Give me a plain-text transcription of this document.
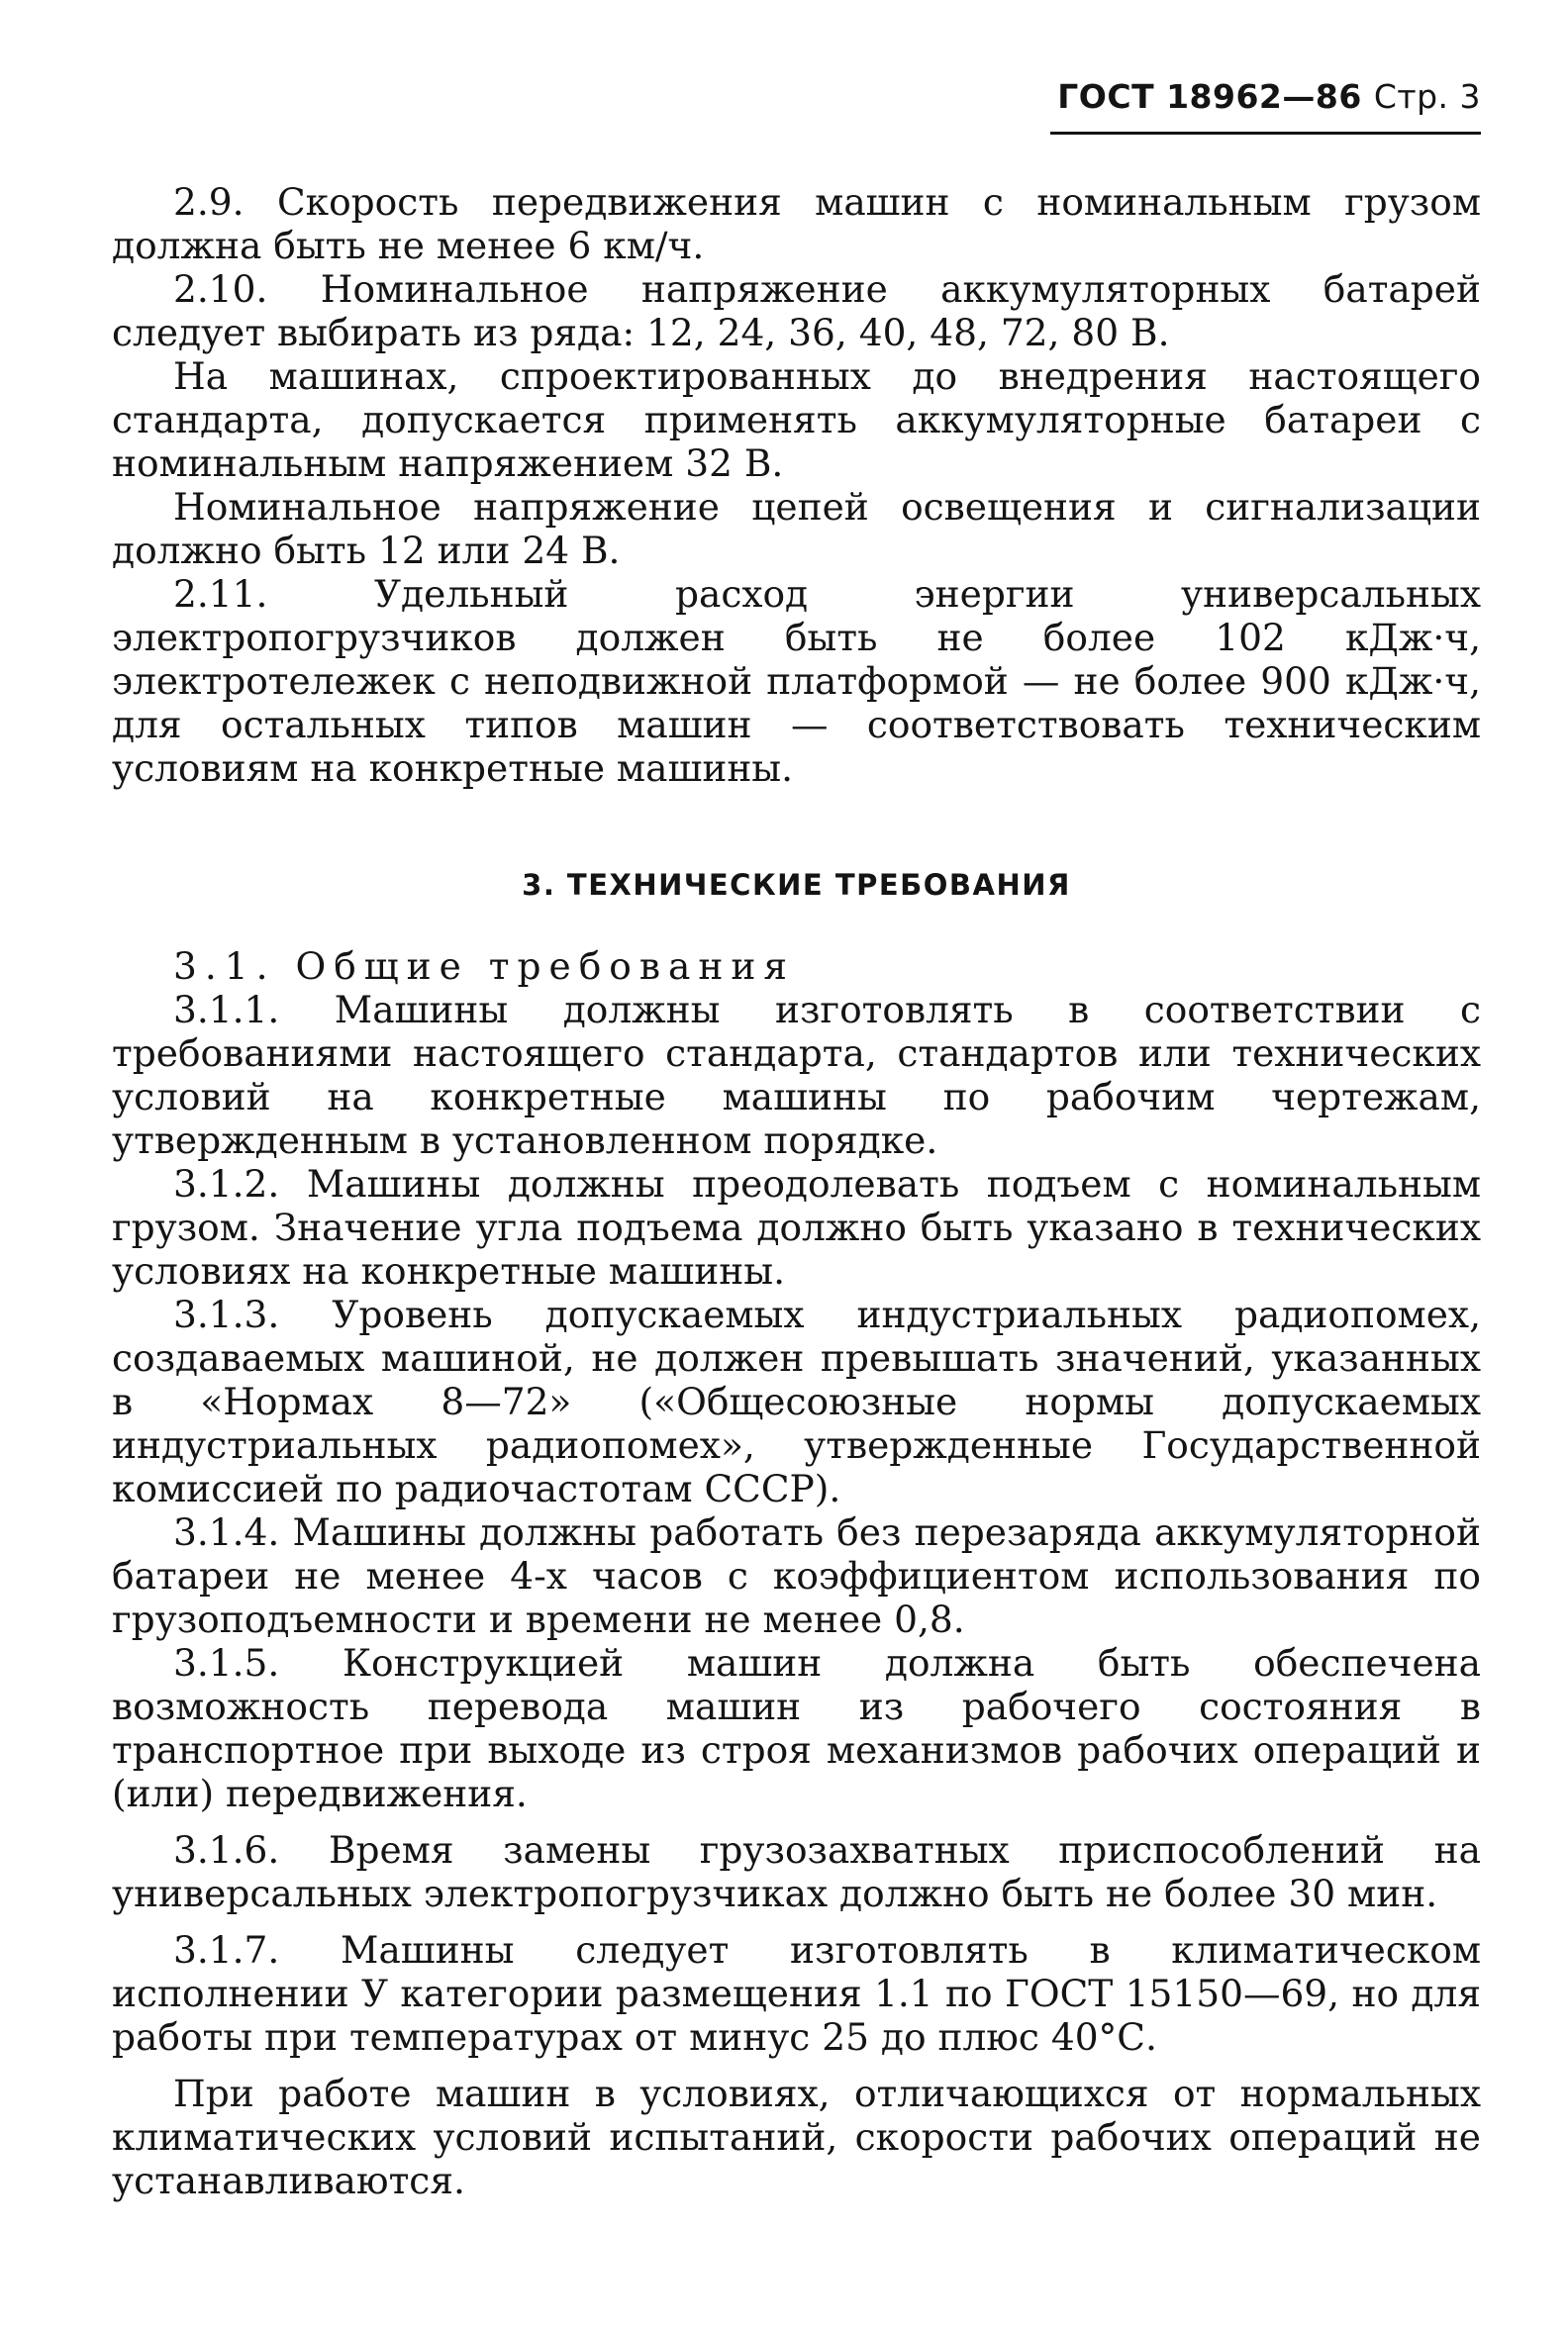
ГОСТ 18962—86 Стр. 3

2.9. Скорость передвижения машин с номинальным грузом должна быть не менее 6 км/ч.

2.10. Номинальное напряжение аккумуляторных батарей следует выбирать из ряда: 12, 24, 36, 40, 48, 72, 80 В.

На машинах, спроектированных до внедрения настоящего стандарта, допускается применять аккумуляторные батареи с номинальным напряжением 32 В.

Номинальное напряжение цепей освещения и сигнализации должно быть 12 или 24 В.

2.11. Удельный расход энергии универсальных электропогрузчиков должен быть не более 102 кДж·ч, электротележек с неподвижной платформой — не более 900 кДж·ч, для остальных типов машин — соответствовать техническим условиям на конкретные машины.

3. ТЕХНИЧЕСКИЕ ТРЕБОВАНИЯ

3.1. Общие требования

3.1.1. Машины должны изготовлять в соответствии с требованиями настоящего стандарта, стандартов или технических условий на конкретные машины по рабочим чертежам, утвержденным в установленном порядке.

3.1.2. Машины должны преодолевать подъем с номинальным грузом. Значение угла подъема должно быть указано в технических условиях на конкретные машины.

3.1.3. Уровень допускаемых индустриальных радиопомех, создаваемых машиной, не должен превышать значений, указанных в «Нормах 8—72» («Общесоюзные нормы допускаемых индустриальных радиопомех», утвержденные Государственной комиссией по радиочастотам СССР).

3.1.4. Машины должны работать без перезаряда аккумуляторной батареи не менее 4-х часов с коэффициентом использования по грузоподъемности и времени не менее 0,8.

3.1.5. Конструкцией машин должна быть обеспечена возможность перевода машин из рабочего состояния в транспортное при выходе из строя механизмов рабочих операций и (или) передвижения.

3.1.6. Время замены грузозахватных приспособлений на универсальных электропогрузчиках должно быть не более 30 мин.

3.1.7. Машины следует изготовлять в климатическом исполнении У категории размещения 1.1 по ГОСТ 15150—69, но для работы при температурах от минус 25 до плюс 40°С.

При работе машин в условиях, отличающихся от нормальных климатических условий испытаний, скорости рабочих операций не устанавливаются.
